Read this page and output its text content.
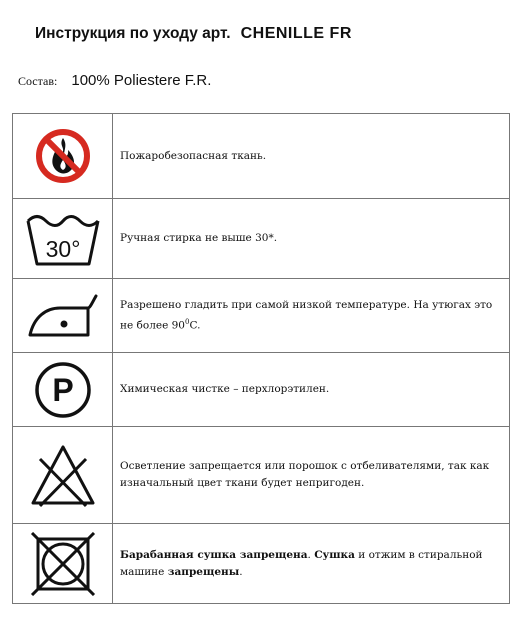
Инструкция по уходу арт. CHENILLE FR
Состав: 100% Poliestere F.R.
	Пожаробезопасная ткань.

30°	Ручная стирка не выше 30*.

	Разрешено гладить при самой низкой температуре. На утюгах это не более $90^0C$.

P	Химическая чистке – перхлорэтилен.

	Осветление запрещается или порошок с отбеливателями, так как изначальный цвет ткани будет непригоден.

	Барабанная сушка запрещена. Сушка и отжим в стиральной машине запрещены.
